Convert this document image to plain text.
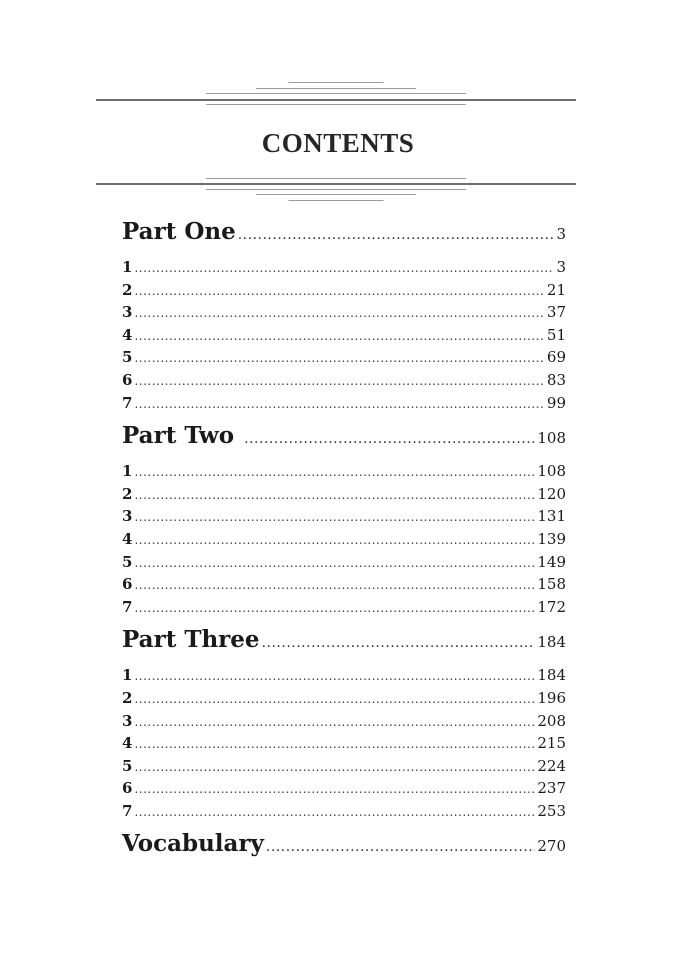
CONTENTS
Part One .....	3
1 .....	3
2 .....	21
3 .....	37
4 .....	51
5 .....	69
6 .....	83
7 .....	99
Part Two .....	108
1 .....	108
2 .....	120
3 .....	131
4 .....	139
5 .....	149
6 .....	158
7 .....	172
Part Three .....	184
1 .....	184
2 .....	196
3 .....	208
4 .....	215
5 .....	224
6 .....	237
7 .....	253
Vocabulary .....	270
